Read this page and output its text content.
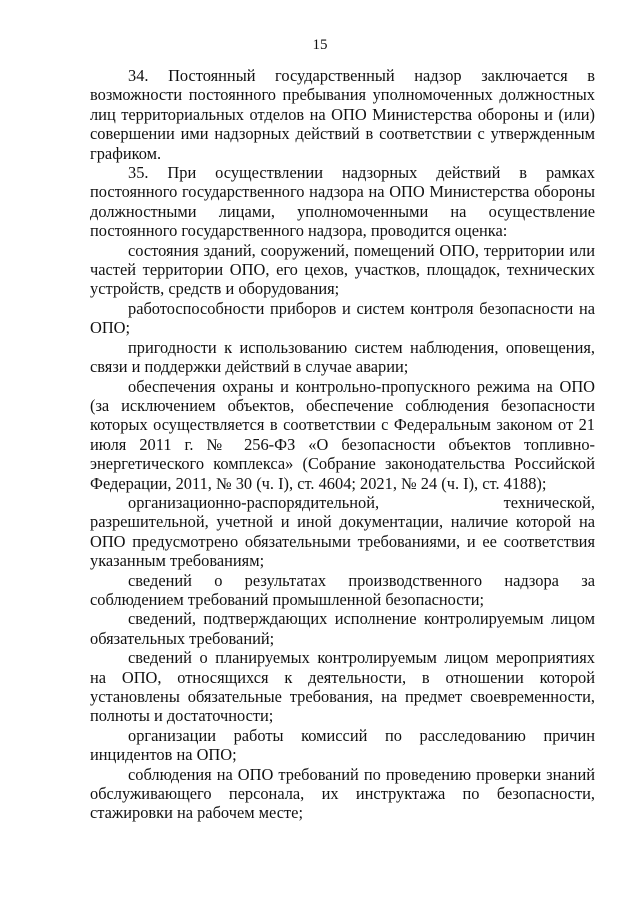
15

34. Постоянный государственный надзор заключается в возможности постоянного пребывания уполномоченных должностных лиц территориальных отделов на ОПО Министерства обороны и (или) совершении ими надзорных действий в соответствии с утвержденным графиком.

35. При осуществлении надзорных действий в рамках постоянного государственного надзора на ОПО Министерства обороны должностными лицами, уполномоченными на осуществление постоянного государственного надзора, проводится оценка:

состояния зданий, сооружений, помещений ОПО, территории или частей территории ОПО, его цехов, участков, площадок, технических устройств, средств и оборудования;

работоспособности приборов и систем контроля безопасности на ОПО;

пригодности к использованию систем наблюдения, оповещения, связи и поддержки действий в случае аварии;

обеспечения охраны и контрольно-пропускного режима на ОПО (за исключением объектов, обеспечение соблюдения безопасности которых осуществляется в соответствии с Федеральным законом от 21 июля 2011 г. № 256-ФЗ «О безопасности объектов топливно-энергетического комплекса» (Собрание законодательства Российской Федерации, 2011, № 30 (ч. I), ст. 4604; 2021, № 24 (ч. I), ст. 4188);

организационно-распорядительной, технической, разрешительной, учетной и иной документации, наличие которой на ОПО предусмотрено обязательными требованиями, и ее соответствия указанным требованиям;

сведений о результатах производственного надзора за соблюдением требований промышленной безопасности;

сведений, подтверждающих исполнение контролируемым лицом обязательных требований;

сведений о планируемых контролируемым лицом мероприятиях на ОПО, относящихся к деятельности, в отношении которой установлены обязательные требования, на предмет своевременности, полноты и достаточности;

организации работы комиссий по расследованию причин инцидентов на ОПО;

соблюдения на ОПО требований по проведению проверки знаний обслуживающего персонала, их инструктажа по безопасности, стажировки на рабочем месте;
